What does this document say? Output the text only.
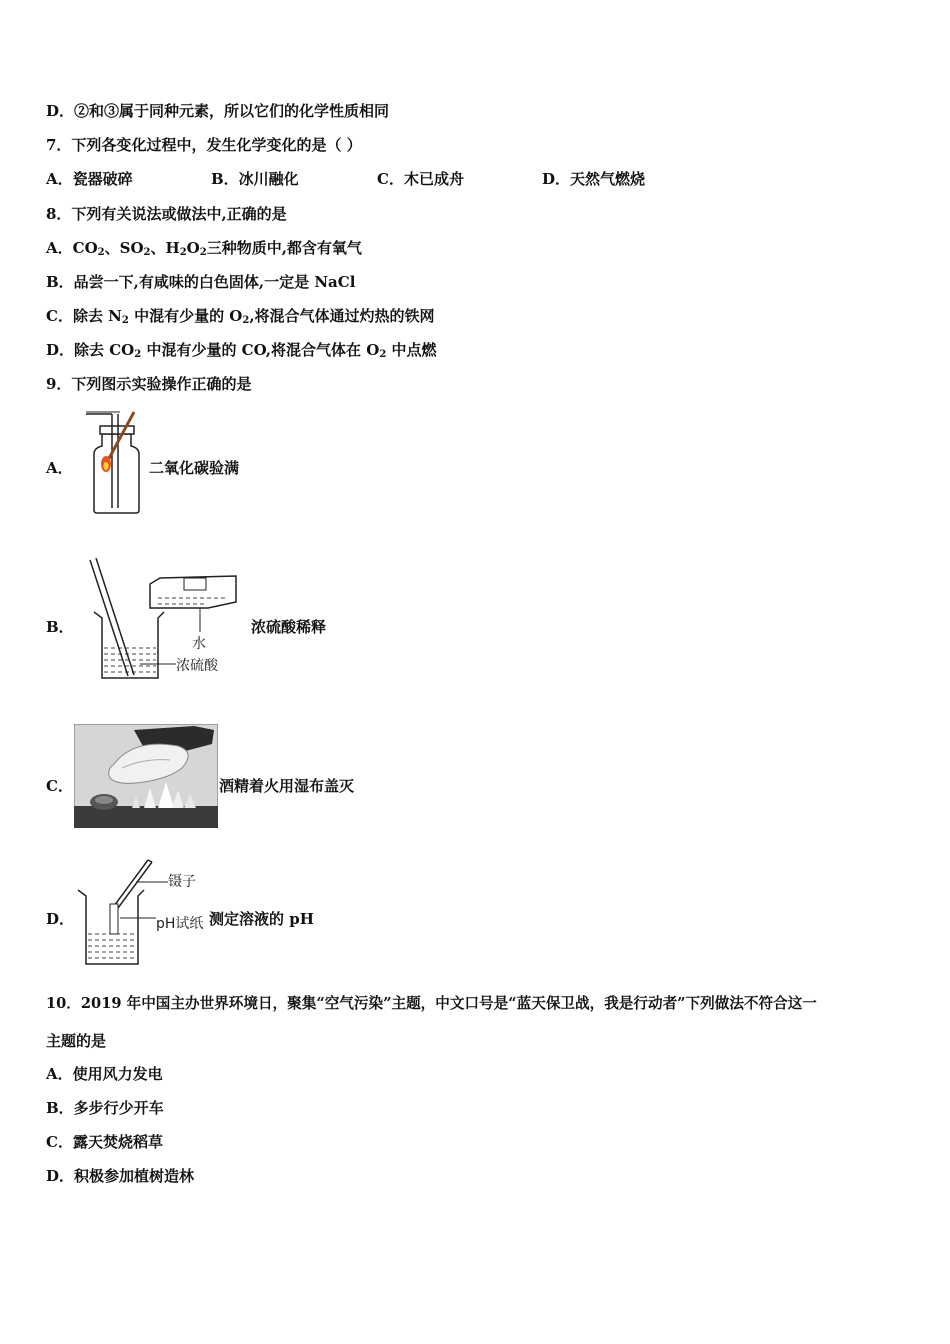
D．②和③属于同种元素，所以它们的化学性质相同
7．下列各变化过程中，发生化学变化的是（ ）
A．瓷器破碎	B．冰川融化	C．木已成舟	D．天然气燃烧
8．下列有关说法或做法中,正确的是
A．$CO_2$、$SO_2$、$H_2O_2$三种物质中,都含有氧气
B．品尝一下,有咸味的白色固体,一定是 NaCl
C．除去 $N_2$ 中混有少量的 $O_2$,将混合气体通过灼热的铁网
D．除去 $CO_2$ 中混有少量的 CO,将混合气体在 $O_2$ 中点燃
9．下列图示实验操作正确的是
A．	二氧化碳验满
B．
水
浓硫酸
浓硫酸稀释
C．	酒精着火用湿布盖灭
D．
镊子
pH试纸 测定溶液的 pH
10．2019 年中国主办世界环境日，聚集“空气污染”主题，中文口号是“蓝天保卫战，我是行动者”下列做法不符合这一
主题的是
A．使用风力发电
B．多步行少开车
C．露天焚烧稻草
D．积极参加植树造林
